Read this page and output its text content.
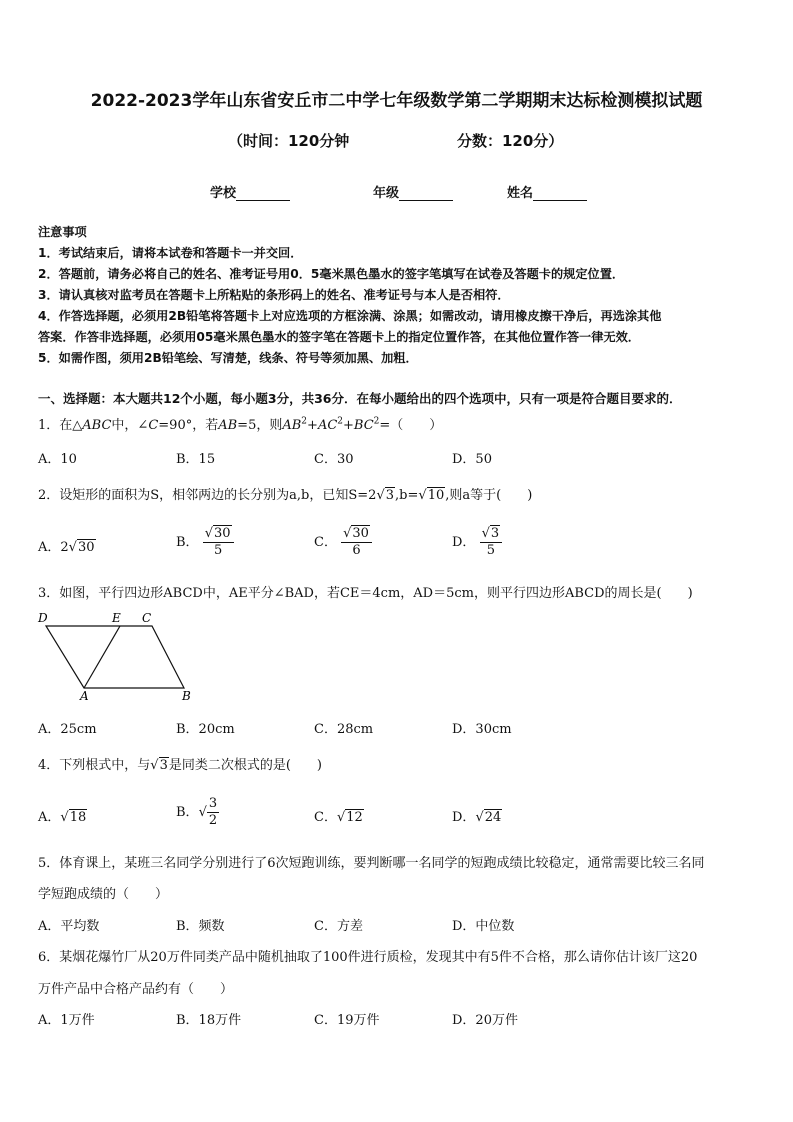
2022-2023学年山东省安丘市二中学七年级数学第二学期期末达标检测模拟试题
（时间：120分钟	分数：120分）
学校	年级	姓名
注意事项
1．考试结束后，请将本试卷和答题卡一并交回．
2．答题前，请务必将自己的姓名、准考证号用0．5毫米黑色墨水的签字笔填写在试卷及答题卡的规定位置．
3．请认真核对监考员在答题卡上所粘贴的条形码上的姓名、准考证号与本人是否相符．
4．作答选择题，必须用2B铅笔将答题卡上对应选项的方框涂满、涂黑；如需改动，请用橡皮擦干净后，再选涂其他
答案．作答非选择题，必须用05毫米黑色墨水的签字笔在答题卡上的指定位置作答，在其他位置作答一律无效．
5．如需作图，须用2B铅笔绘、写清楚，线条、符号等须加黑、加粗．
一、选择题：本大题共12个小题，每小题3分，共36分．在每小题给出的四个选项中，只有一项是符合题目要求的．
1．在△ABC中，∠C=90°，若AB=5，则$AB^2+AC^2+BC^2=$（　　）
A．10	B．15	C．30	D．50
2．设矩形的面积为S，相邻两边的长分别为a,b，已知S=2√3,b=√10,则a等于(　　)
A．2√30	B． $\frac{√30}{5}$	C． $\frac{√30}{6}$	D． $\frac{√3}{5}$
3．如图，平行四边形ABCD中，AE平分∠BAD，若CE＝4cm，AD＝5cm，则平行四边形ABCD的周长是(　　)
D	E C
A	B
A．25cm	B．20cm	C．28cm	D．30cm
4．下列根式中，与√3是同类二次根式的是(　　)
A．√18	B．√ $\frac{3}{2}$	C．√12	D．√24
5．体育课上，某班三名同学分别进行了6次短跑训练，要判断哪一名同学的短跑成绩比较稳定，通常需要比较三名同
学短跑成绩的（　　）
A．平均数	B．频数	C．方差	D．中位数
6．某烟花爆竹厂从20万件同类产品中随机抽取了100件进行质检，发现其中有5件不合格，那么请你估计该厂这20
万件产品中合格产品约有（　　）
A．1万件	B．18万件	C．19万件	D．20万件
